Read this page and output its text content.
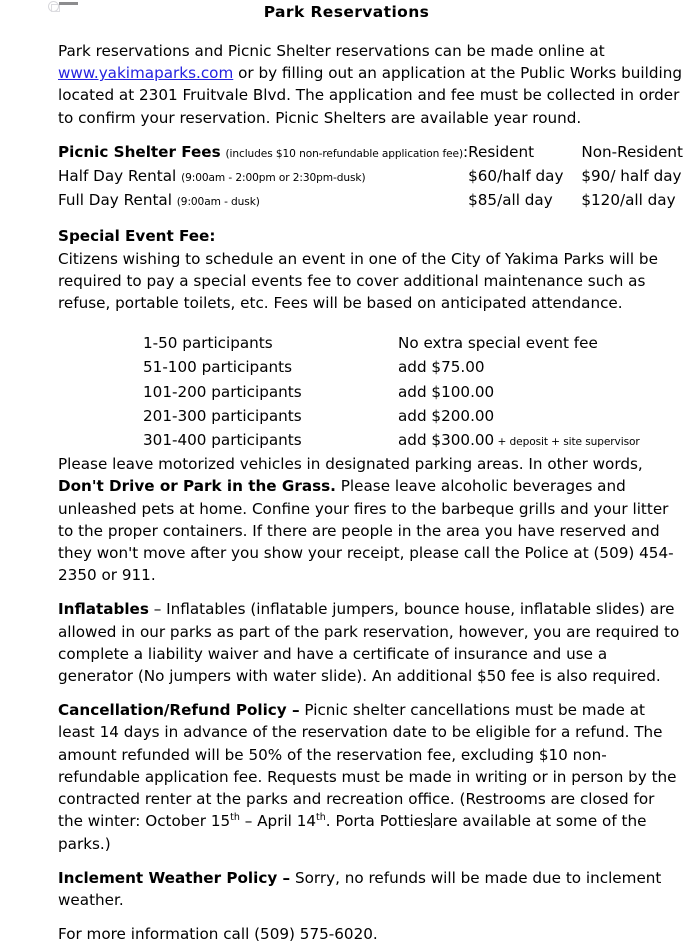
Park Reservations

Park reservations and Picnic Shelter reservations can be made online at www.yakimaparks.com or by filling out an application at the Public Works building located at 2301 Fruitvale Blvd. The application and fee must be collected in order to confirm your reservation. Picnic Shelters are available year round.

Picnic Shelter Fees (includes $10 non-refundable application fee):	Resident	Non-Resident
Half Day Rental (9:00am - 2:00pm or 2:30pm-dusk)	$60/half day	$90/ half day
Full Day Rental (9:00am - dusk)	$85/all day	$120/all day

Special Event Fee:

Citizens wishing to schedule an event in one of the City of Yakima Parks will be required to pay a special events fee to cover additional maintenance such as refuse, portable toilets, etc. Fees will be based on anticipated attendance.

1-50 participants	No extra special event fee
51-100 participants	add $75.00
101-200 participants	add $100.00
201-300 participants	add $200.00
301-400 participants	add $300.00 + deposit + site supervisor

Please leave motorized vehicles in designated parking areas. In other words, Don't Drive or Park in the Grass. Please leave alcoholic beverages and unleashed pets at home. Confine your fires to the barbeque grills and your litter to the proper containers. If there are people in the area you have reserved and they won't move after you show your receipt, please call the Police at (509) 454-2350 or 911.

Inflatables – Inflatables (inflatable jumpers, bounce house, inflatable slides) are allowed in our parks as part of the park reservation, however, you are required to complete a liability waiver and have a certificate of insurance and use a generator (No jumpers with water slide). An additional $50 fee is also required.

Cancellation/Refund Policy – Picnic shelter cancellations must be made at least 14 days in advance of the reservation date to be eligible for a refund. The amount refunded will be 50% of the reservation fee, excluding $10 non-refundable application fee. Requests must be made in writing or in person by the contracted renter at the parks and recreation office. (Restrooms are closed for the winter: October 15th – April 14th. Porta Potties are available at some of the parks.)

Inclement Weather Policy – Sorry, no refunds will be made due to inclement weather.

For more information call (509) 575-6020.
